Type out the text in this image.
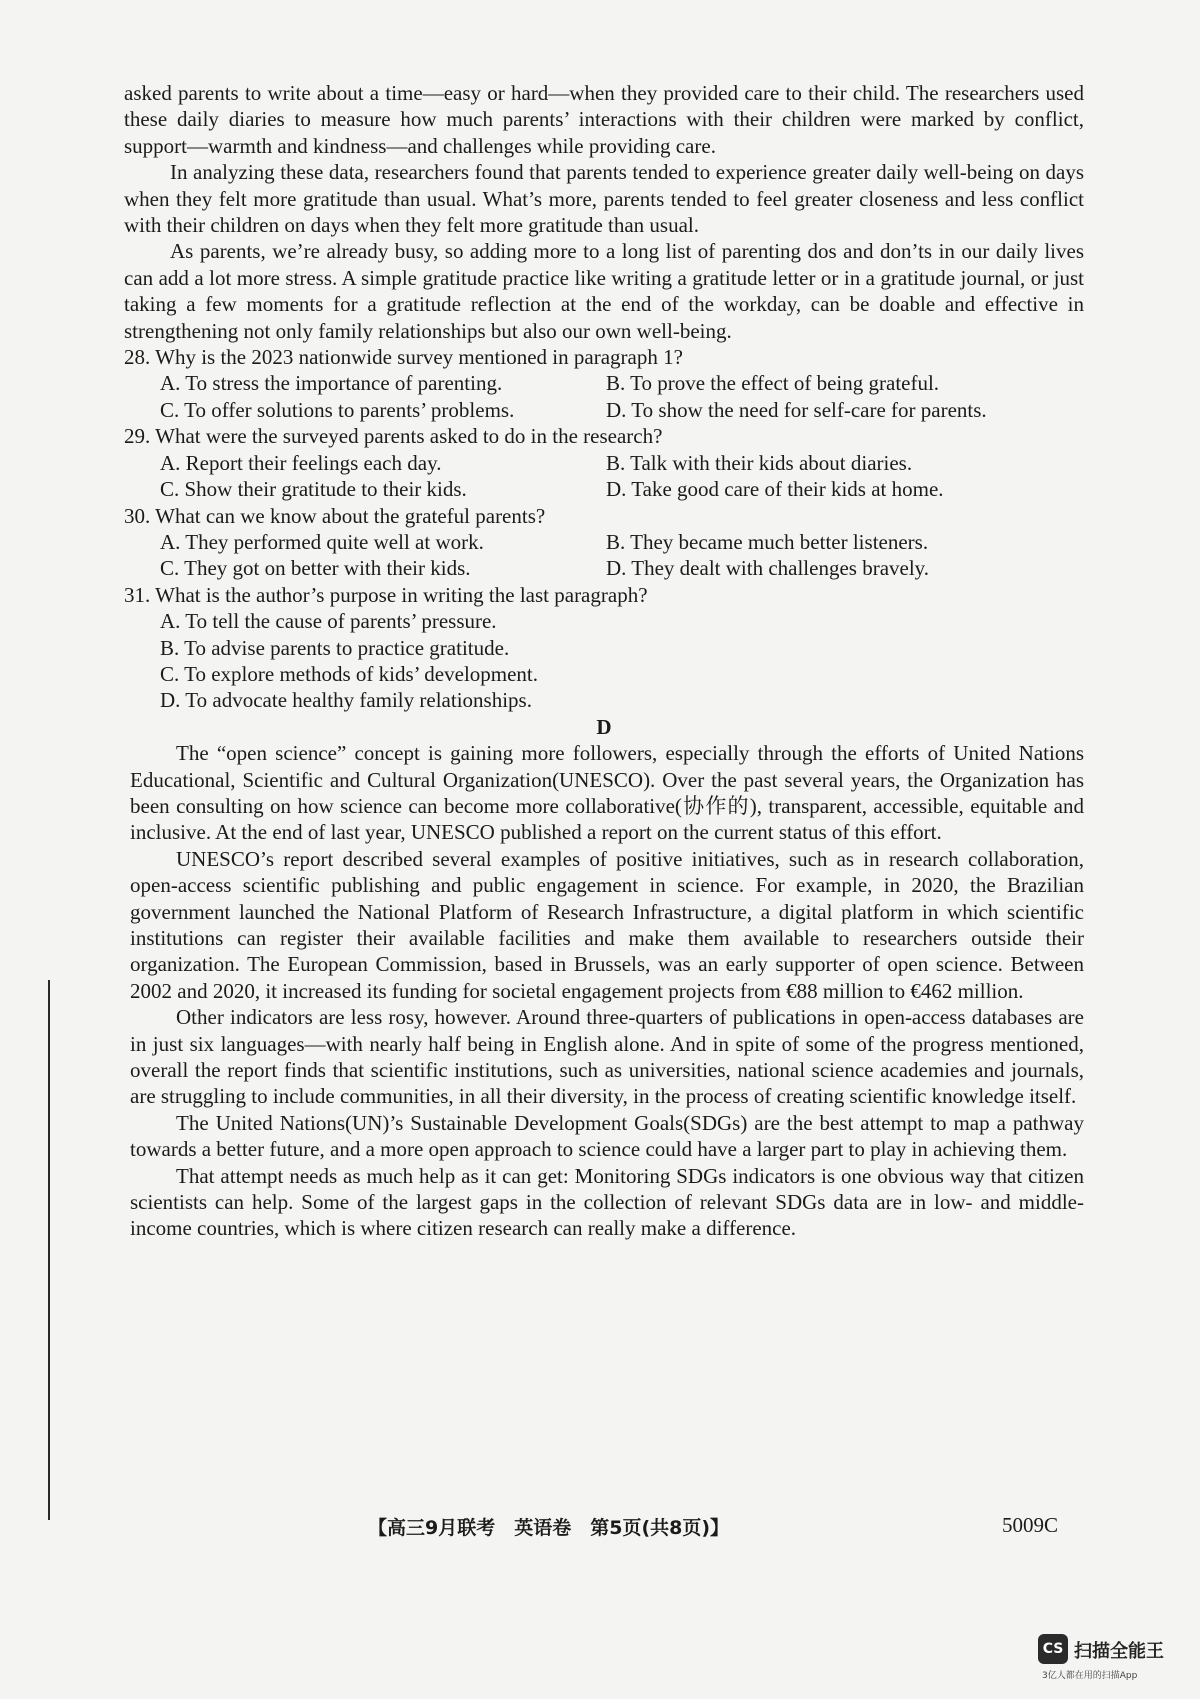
asked parents to write about a time—easy or hard—when they provided care to their child. The researchers used these daily diaries to measure how much parents’ interactions with their children were marked by conflict, support—warmth and kindness—and challenges while providing care.

In analyzing these data, researchers found that parents tended to experience greater daily well-being on days when they felt more gratitude than usual. What’s more, parents tended to feel greater closeness and less conflict with their children on days when they felt more gratitude than usual.

As parents, we’re already busy, so adding more to a long list of parenting dos and don’ts in our daily lives can add a lot more stress. A simple gratitude practice like writing a gratitude letter or in a gratitude journal, or just taking a few moments for a gratitude reflection at the end of the workday, can be doable and effective in strengthening not only family relationships but also our own well-being.

28. Why is the 2023 nationwide survey mentioned in paragraph 1?
A. To stress the importance of parenting.	B. To prove the effect of being grateful.
C. To offer solutions to parents’ problems.	D. To show the need for self-care for parents.
29. What were the surveyed parents asked to do in the research?
A. Report their feelings each day.	B. Talk with their kids about diaries.
C. Show their gratitude to their kids.	D. Take good care of their kids at home.
30. What can we know about the grateful parents?
A. They performed quite well at work.	B. They became much better listeners.
C. They got on better with their kids.	D. They dealt with challenges bravely.
31. What is the author’s purpose in writing the last paragraph?
A. To tell the cause of parents’ pressure.
B. To advise parents to practice gratitude.
C. To explore methods of kids’ development.
D. To advocate healthy family relationships.
D

The “open science” concept is gaining more followers, especially through the efforts of United Nations Educational, Scientific and Cultural Organization(UNESCO). Over the past several years, the Organization has been consulting on how science can become more collaborative(协作的), transparent, accessible, equitable and inclusive. At the end of last year, UNESCO published a report on the current status of this effort.

UNESCO’s report described several examples of positive initiatives, such as in research collaboration, open-access scientific publishing and public engagement in science. For example, in 2020, the Brazilian government launched the National Platform of Research Infrastructure, a digital platform in which scientific institutions can register their available facilities and make them available to researchers outside their organization. The European Commission, based in Brussels, was an early supporter of open science. Between 2002 and 2020, it increased its funding for societal engagement projects from €88 million to €462 million.

Other indicators are less rosy, however. Around three-quarters of publications in open-access databases are in just six languages—with nearly half being in English alone. And in spite of some of the progress mentioned, overall the report finds that scientific institutions, such as universities, national science academies and journals, are struggling to include communities, in all their diversity, in the process of creating scientific knowledge itself.

The United Nations(UN)’s Sustainable Development Goals(SDGs) are the best attempt to map a pathway towards a better future, and a more open approach to science could have a larger part to play in achieving them.

That attempt needs as much help as it can get: Monitoring SDGs indicators is one obvious way that citizen scientists can help. Some of the largest gaps in the collection of relevant SDGs data are in low- and middle-income countries, which is where citizen research can really make a difference.

【高三9月联考　英语卷　第5页(共8页)】	5009C
CS 扫描全能王
3亿人都在用的扫描App
